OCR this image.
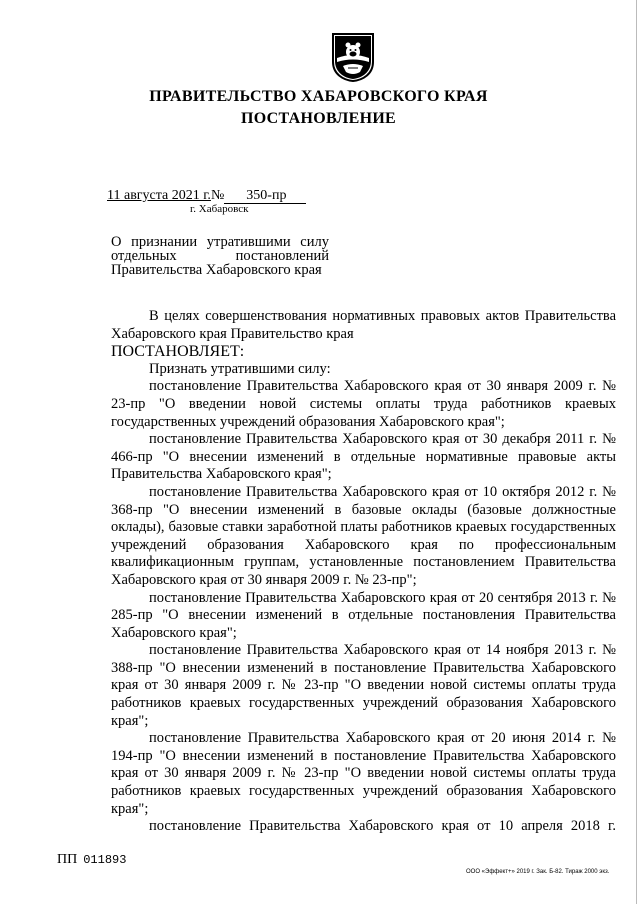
ПРАВИТЕЛЬСТВО ХАБАРОВСКОГО КРАЯ
ПОСТАНОВЛЕНИЕ
11 августа 2021 г.№ 350-пр
г. Хабаровск
О признании утратившими силу
отдельных постановлений
Правительства Хабаровского края

В целях совершенствования нормативных правовых актов Правительства

Хабаровского края Правительство края

ПОСТАНОВЛЯЕТ:

Признать утратившими силу:

постановление Правительства Хабаровского края от 30 января 2009 г. № 23-пр "О введении новой системы оплаты труда работников краевых государственных учреждений образования Хабаровского края";

постановление Правительства Хабаровского края от 30 декабря 2011 г. № 466-пр "О внесении изменений в отдельные нормативные правовые акты Правительства Хабаровского края";

постановление Правительства Хабаровского края от 10 октября 2012 г. № 368-пр "О внесении изменений в базовые оклады (базовые должностные оклады), базовые ставки заработной платы работников краевых государственных учреждений образования Хабаровского края по профессиональным квалификационным группам, установленные постановлением Правительства Хабаровского края от 30 января 2009 г. № 23-пр";

постановление Правительства Хабаровского края от 20 сентября 2013 г. № 285-пр "О внесении изменений в отдельные постановления Правительства Хабаровского края";

постановление Правительства Хабаровского края от 14 ноября 2013 г. № 388-пр "О внесении изменений в постановление Правительства Хабаровского края от 30 января 2009 г. № 23-пр "О введении новой системы оплаты труда работников краевых государственных учреждений образования Хабаровского края";

постановление Правительства Хабаровского края от 20 июня 2014 г. № 194-пр "О внесении изменений в постановление Правительства Хабаровского края от 30 января 2009 г. № 23-пр "О введении новой системы оплаты труда работников краевых государственных учреждений образования Хабаровского края";

постановление Правительства Хабаровского края от 10 апреля 2018 г.

ПП 011893
ООО «Эффект+» 2019 г. Зак. Б-82. Тираж 2000 экз.
